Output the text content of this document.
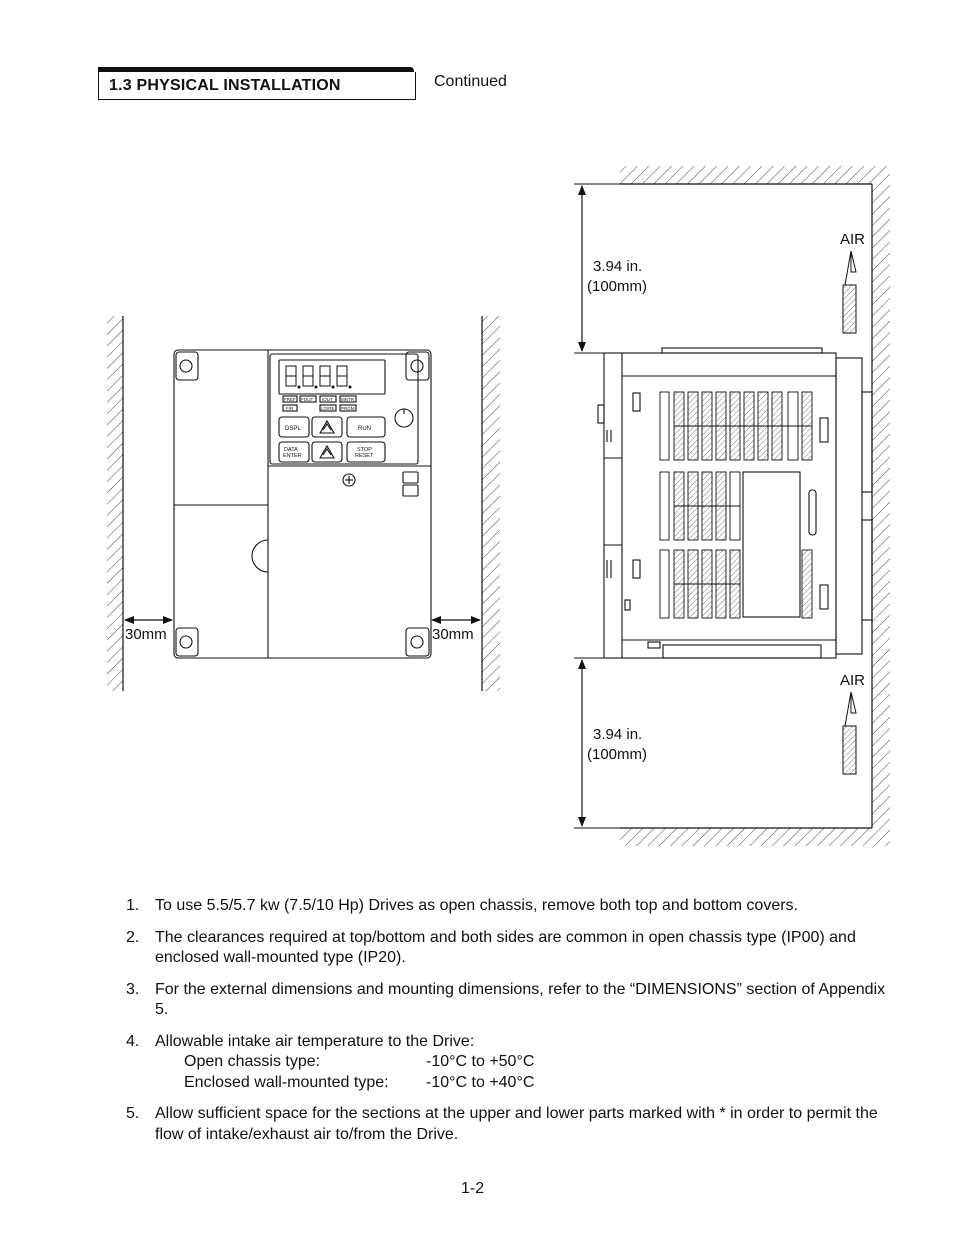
1.3 PHYSICAL INSTALLATION	Continued
30mm	30mm
FREF FOUT IOUT MNTR
F/R	LO/RE PRGM
DSPL	RUN
DATA
ENTER
STOP
RESET
3.94 in.
(100mm)
3.94 in.
(100mm)
AIR
AIR
1. To use 5.5/5.7 kw (7.5/10 Hp) Drives as open chassis, remove both top and bottom covers.
2. The clearances required at top/bottom and both sides are common in open chassis type (IP00) and enclosed wall-mounted type (IP20).
3. For the external dimensions and mounting dimensions, refer to the “DIMENSIONS” section of Appendix 5.
4. Allowable intake air temperature to the Drive:
Open chassis type:	-10°C to +50°C
Enclosed wall-mounted type:	-10°C to +40°C
5. Allow sufficient space for the sections at the upper and lower parts marked with * in order to permit the flow of intake/exhaust air to/from the Drive.
1-2
